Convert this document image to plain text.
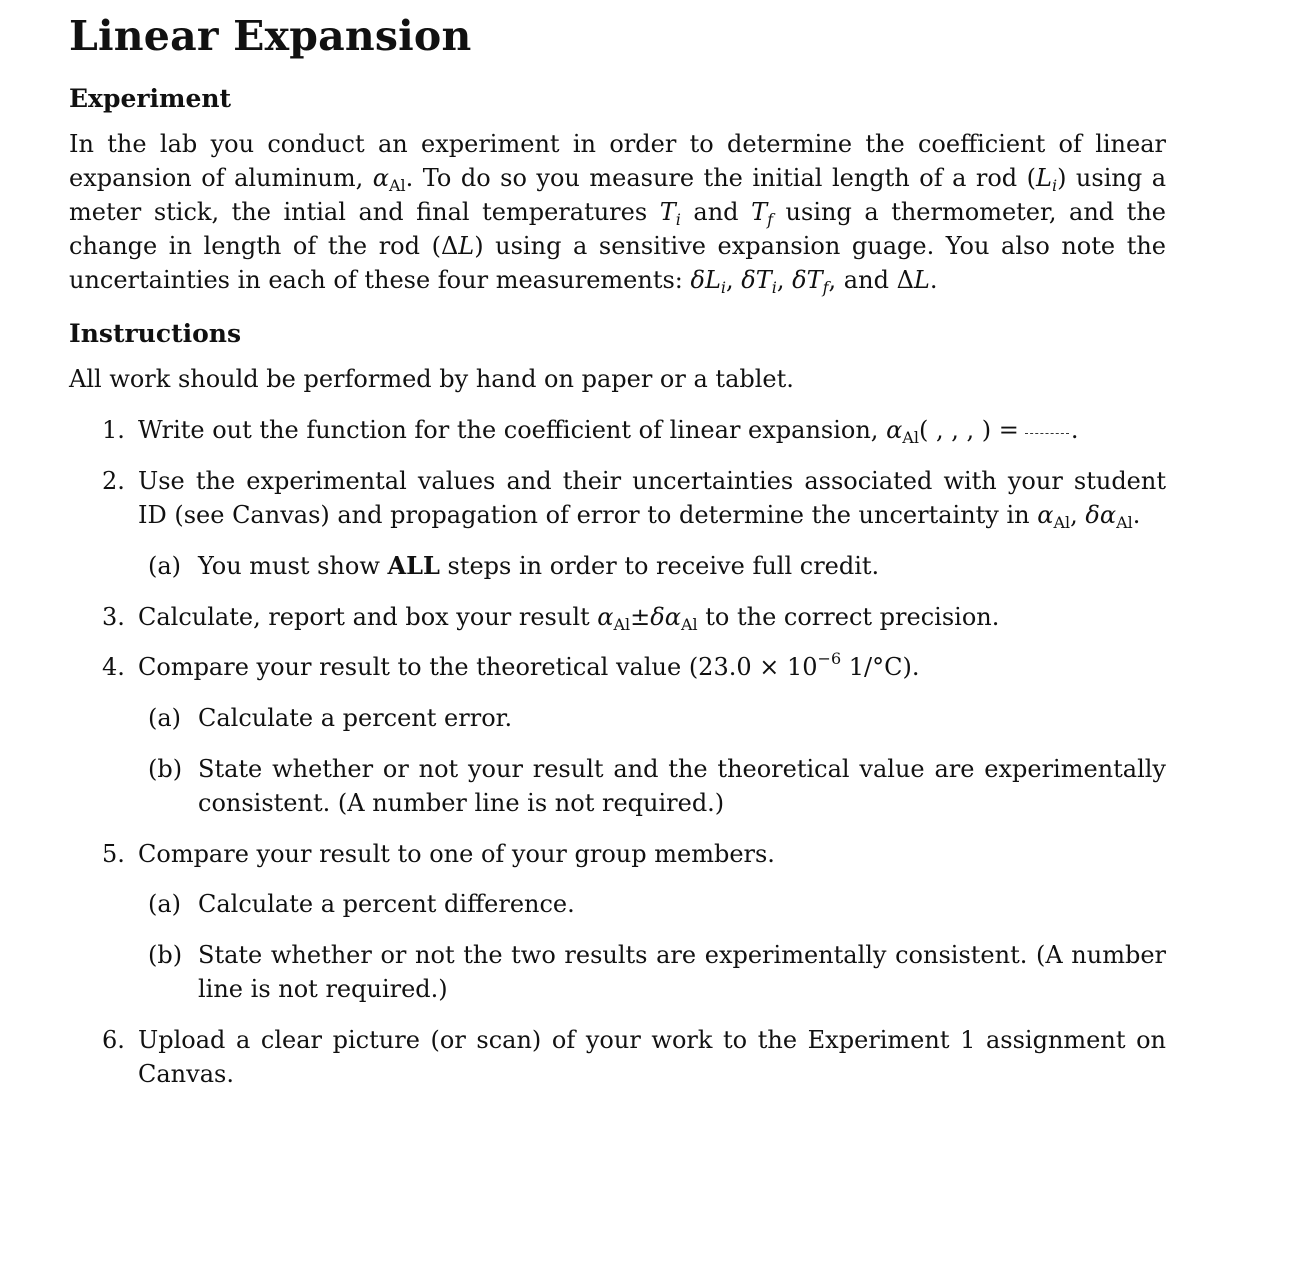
Linear Expansion
Experiment

In the lab you conduct an experiment in order to determine the coefficient of linear expansion of aluminum, $\alpha_{Al}$. To do so you measure the initial length of a rod $(L_i)$ using a meter stick, the intial and final temperatures $T_i$ and $T_f$ using a thermometer, and the change in length of the rod (ΔL) using a sensitive expansion guage. You also note the uncertainties in each of these four measurements: $\delta L_i$, $\delta T_i$, $\delta T_f$, and ΔL.

Instructions

All work should be performed by hand on paper or a tablet.

1. Write out the function for the coefficient of linear expansion, $\alpha_{Al}$( , , , ) = .

2. Use the experimental values and their uncertainties associated with your student ID (see Canvas) and propagation of error to determine the uncertainty in $\alpha_{Al}$, $\delta\alpha_{Al}$.

(a) You must show ALL steps in order to receive full credit.

3. Calculate, report and box your result $\alpha_{Al}\pm\delta\alpha_{Al}$ to the correct precision.

4. Compare your result to the theoretical value ($23.0 \times 10^{-6}$ 1/°C).

(a) Calculate a percent error.

(b) State whether or not your result and the theoretical value are experimentally consistent. (A number line is not required.)

5. Compare your result to one of your group members.

(a) Calculate a percent difference.

(b) State whether or not the two results are experimentally consistent. (A number line is not required.)

6. Upload a clear picture (or scan) of your work to the Experiment 1 assignment on Canvas.
